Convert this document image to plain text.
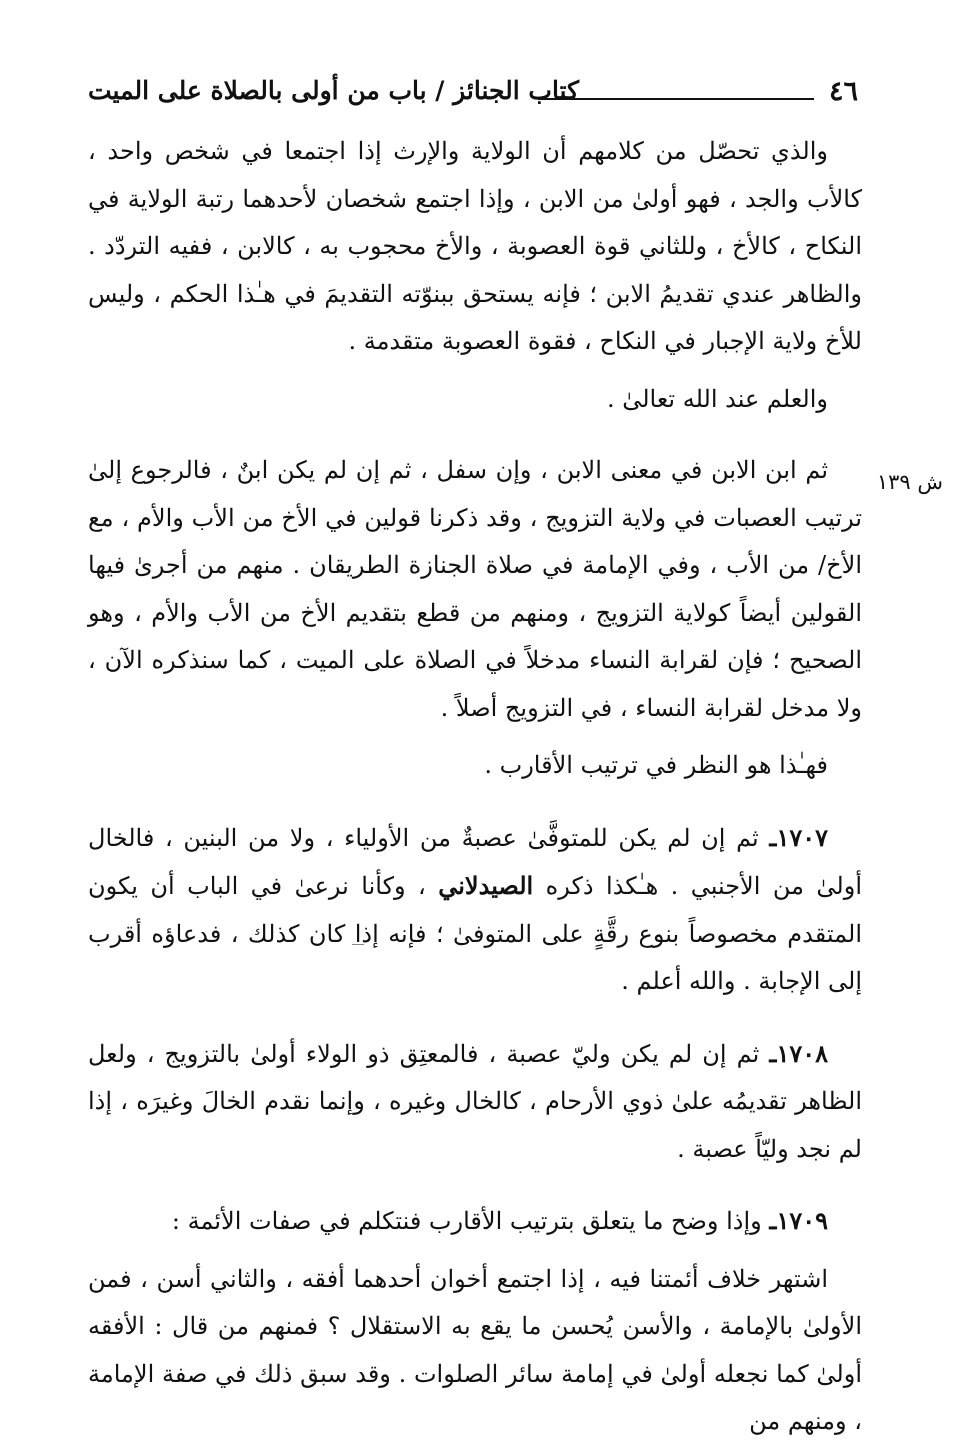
٤٦
كتاب الجنائز / باب من أولى بالصلاة على الميت
ش ١٣٩

والذي تحصّل من كلامهم أن الولاية والإرث إذا اجتمعا في شخص واحد ، كالأب والجد ، فهو أولىٰ من الابن ، وإذا اجتمع شخصان لأحدهما رتبة الولاية في النكاح ، كالأخ ، وللثاني قوة العصوبة ، والأخ محجوب به ، كالابن ، ففيه التردّد . والظاهر عندي تقديمُ الابن ؛ فإنه يستحق ببنوّته التقديمَ في هـٰذا الحكم ، وليس للأخ ولاية الإجبار في النكاح ، فقوة العصوبة متقدمة .

والعلم عند الله تعالىٰ .

ثم ابن الابن في معنى الابن ، وإن سفل ، ثم إن لم يكن ابنٌ ، فالرجوع إلىٰ ترتيب العصبات في ولاية التزويج ، وقد ذكرنا قولين في الأخ من الأب والأم ، مع الأخ/ من الأب ، وفي الإمامة في صلاة الجنازة الطريقان . منهم من أجرىٰ فيها القولين أيضاً كولاية التزويج ، ومنهم من قطع بتقديم الأخ من الأب والأم ، وهو الصحيح ؛ فإن لقرابة النساء مدخلاً في الصلاة على الميت ، كما سنذكره الآن ، ولا مدخل لقرابة النساء ، في التزويج أصلاً .

فهـٰذا هو النظر في ترتيب الأقارب .

١٧٠٧ـ ثم إن لم يكن للمتوفَّىٰ عصبةٌ من الأولياء ، ولا من البنين ، فالخال أولىٰ من الأجنبي . هـٰكذا ذكره الصيدلاني ، وكأنا نرعىٰ في الباب أن يكون المتقدم مخصوصاً بنوع رقَّةٍ على المتوفىٰ ؛ فإنه إذا كان كذلك ، فدعاؤه أقرب إلى الإجابة . والله أعلم .

١٧٠٨ـ ثم إن لم يكن وليّ عصبة ، فالمعتِق ذو الولاء أولىٰ بالتزويج ، ولعل الظاهر تقديمُه علىٰ ذوي الأرحام ، كالخال وغيره ، وإنما نقدم الخالَ وغيرَه ، إذا لم نجد وليّاً عصبة .

١٧٠٩ـ وإذا وضح ما يتعلق بترتيب الأقارب فنتكلم في صفات الأئمة :

اشتهر خلاف أئمتنا فيه ، إذا اجتمع أخوان أحدهما أفقه ، والثاني أسن ، فمن الأولىٰ بالإمامة ، والأسن يُحسن ما يقع به الاستقلال ؟ فمنهم من قال : الأفقه أولىٰ كما نجعله أولىٰ في إمامة سائر الصلوات . وقد سبق ذلك في صفة الإمامة ، ومنهم من
